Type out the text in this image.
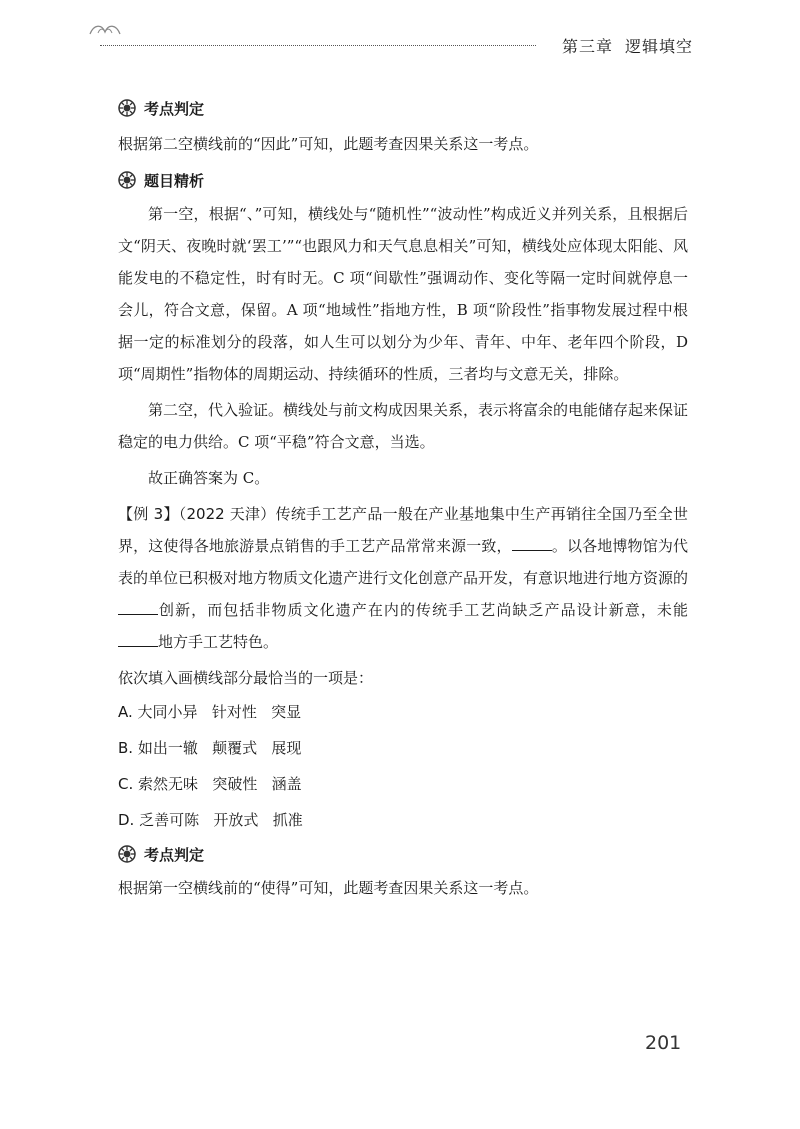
第三章 逻辑填空
考点判定

根据第二空横线前的“因此”可知，此题考查因果关系这一考点。

题目精析

第一空，根据“、”可知，横线处与“随机性”“波动性”构成近义并列关系，且根据后文“阴天、夜晚时就‘罢工’”“也跟风力和天气息息相关”可知，横线处应体现太阳能、风能发电的不稳定性，时有时无。C 项“间歇性”强调动作、变化等隔一定时间就停息一会儿，符合文意，保留。A 项“地域性”指地方性，B 项“阶段性”指事物发展过程中根据一定的标准划分的段落，如人生可以划分为少年、青年、中年、老年四个阶段，D 项“周期性”指物体的周期运动、持续循环的性质，三者均与文意无关，排除。

第二空，代入验证。横线处与前文构成因果关系，表示将富余的电能储存起来保证稳定的电力供给。C 项“平稳”符合文意，当选。

故正确答案为 C。

【例 3】（2022 天津）传统手工艺产品一般在产业基地集中生产再销往全国乃至全世界，这使得各地旅游景点销售的手工艺产品常常来源一致，	。以各地博物馆为代表的单位已积极对地方物质文化遗产进行文化创意产品开发，有意识地进行地方资源的创新，而包括非物质文化遗产在内的传统手工艺尚缺乏产品设计新意，未能地方手工艺特色。

依次填入画横线部分最恰当的一项是：

A. 大同小异   针对性   突显
B. 如出一辙   颠覆式   展现
C. 索然无味   突破性   涵盖
D. 乏善可陈   开放式   抓准
考点判定

根据第一空横线前的“使得”可知，此题考查因果关系这一考点。

201
